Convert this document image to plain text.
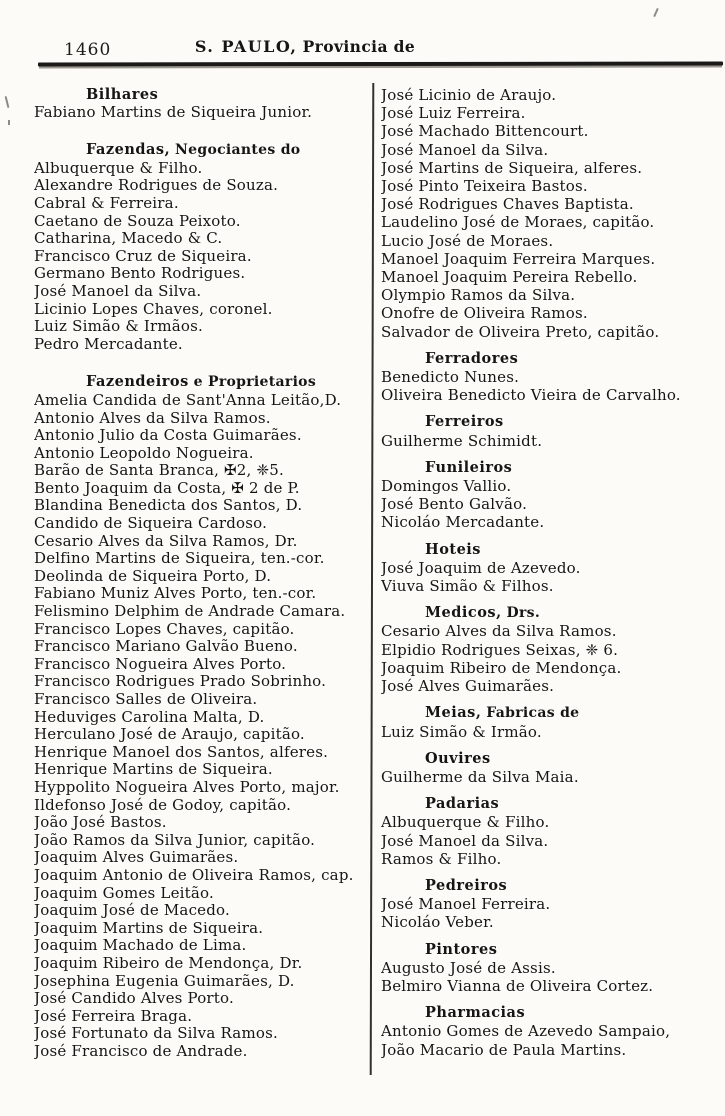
1460	S. PAULO, Provincia de
Bilhares
Fabiano Martins de Siqueira Junior.
Fazendas, Negociantes do
Albuquerque & Filho.
Alexandre Rodrigues de Souza.
Cabral & Ferreira.
Caetano de Souza Peixoto.
Catharina, Macedo & C.
Francisco Cruz de Siqueira.
Germano Bento Rodrigues.
José Manoel da Silva.
Licinio Lopes Chaves, coronel.
Luiz Simão & Irmãos.
Pedro Mercadante.
Fazendeiros e Proprietarios
Amelia Candida de Sant'Anna Leitão,D.
Antonio Alves da Silva Ramos.
Antonio Julio da Costa Guimarães.
Antonio Leopoldo Nogueira.
Barão de Santa Branca, ✠2, ❈5.
Bento Joaquim da Costa, ✠ 2 de P.
Blandina Benedicta dos Santos, D.
Candido de Siqueira Cardoso.
Cesario Alves da Silva Ramos, Dr.
Delfino Martins de Siqueira, ten.-cor.
Deolinda de Siqueira Porto, D.
Fabiano Muniz Alves Porto, ten.-cor.
Felismino Delphim de Andrade Camara.
Francisco Lopes Chaves, capitão.
Francisco Mariano Galvão Bueno.
Francisco Nogueira Alves Porto.
Francisco Rodrigues Prado Sobrinho.
Francisco Salles de Oliveira.
Heduviges Carolina Malta, D.
Herculano José de Araujo, capitão.
Henrique Manoel dos Santos, alferes.
Henrique Martins de Siqueira.
Hyppolito Nogueira Alves Porto, major.
Ildefonso José de Godoy, capitão.
João José Bastos.
João Ramos da Silva Junior, capitão.
Joaquim Alves Guimarães.
Joaquim Antonio de Oliveira Ramos, cap.
Joaquim Gomes Leitão.
Joaquim José de Macedo.
Joaquim Martins de Siqueira.
Joaquim Machado de Lima.
Joaquim Ribeiro de Mendonça, Dr.
Josephina Eugenia Guimarães, D.
José Candido Alves Porto.
José Ferreira Braga.
José Fortunato da Silva Ramos.
José Francisco de Andrade.
José Licinio de Araujo.
José Luiz Ferreira.
José Machado Bittencourt.
José Manoel da Silva.
José Martins de Siqueira, alferes.
José Pinto Teixeira Bastos.
José Rodrigues Chaves Baptista.
Laudelino José de Moraes, capitão.
Lucio José de Moraes.
Manoel Joaquim Ferreira Marques.
Manoel Joaquim Pereira Rebello.
Olympio Ramos da Silva.
Onofre de Oliveira Ramos.
Salvador de Oliveira Preto, capitão.
Ferradores
Benedicto Nunes.
Oliveira Benedicto Vieira de Carvalho.
Ferreiros
Guilherme Schimidt.
Funileiros
Domingos Vallio.
José Bento Galvão.
Nicoláo Mercadante.
Hoteis
José Joaquim de Azevedo.
Viuva Simão & Filhos.
Medicos, Drs.
Cesario Alves da Silva Ramos.
Elpidio Rodrigues Seixas, ❈ 6.
Joaquim Ribeiro de Mendonça.
José Alves Guimarães.
Meias, Fabricas de
Luiz Simão & Irmão.
Ouvires
Guilherme da Silva Maia.
Padarias
Albuquerque & Filho.
José Manoel da Silva.
Ramos & Filho.
Pedreiros
José Manoel Ferreira.
Nicoláo Veber.
Pintores
Augusto José de Assis.
Belmiro Vianna de Oliveira Cortez.
Pharmacias
Antonio Gomes de Azevedo Sampaio,
João Macario de Paula Martins.
